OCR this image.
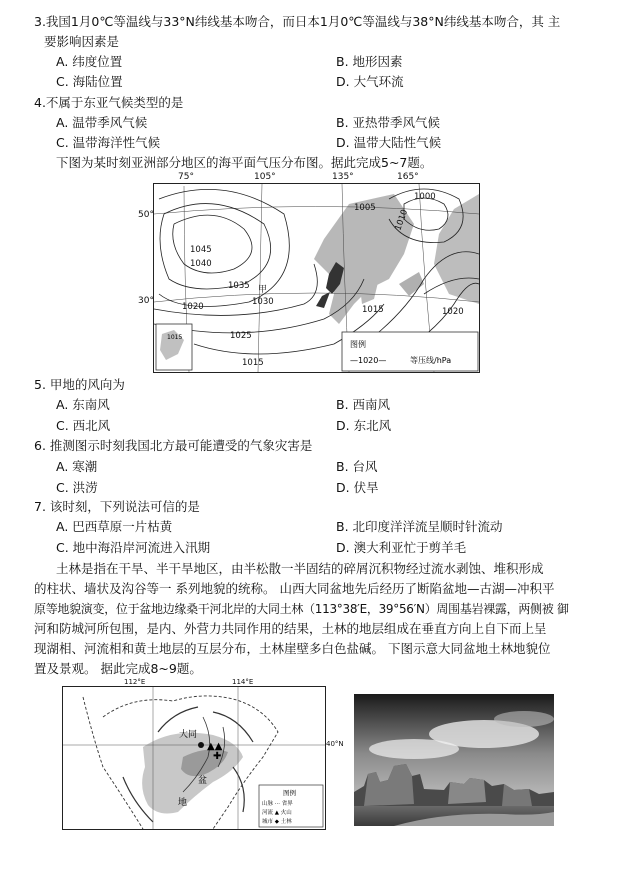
3.我国1月0℃等温线与33°N纬线基本吻合，而日本1月0℃等温线与38°N纬线基本吻合，其 主
要影响因素是
A. 纬度位置	B. 地形因素
C. 海陆位置	D. 大气环流
4.不属于东亚气候类型的是
A. 温带季风气候	B. 亚热带季风气候
C. 温带海洋性气候	D. 温带大陆性气候
下图为某时刻亚洲部分地区的海平面气压分布图。据此完成5~7题。
1000
1005
1010
1045
1040
1035
1030
1025
1020	1015
1015
1020
甲
1015
图例
—1020—	等压线/hPa
75°	105°	135°	165°
50°
30°
5. 甲地的风向为
A. 东南风	B. 西南风
C. 西北风	D. 东北风
6. 推测图示时刻我国北方最可能遭受的气象灾害是
A. 寒潮	B. 台风
C. 洪涝	D. 伏旱
7. 该时刻，下列说法可信的是
A. 巴西草原一片枯黄	B. 北印度洋洋流呈顺时针流动
C. 地中海沿岸河流进入汛期	D. 澳大利亚忙于剪羊毛
土林是指在干旱、半干旱地区，由半松散一半固结的碎屑沉积物经过流水剥蚀、堆积形成
的柱状、墙状及沟谷等一 系列地貌的统称。 山西大同盆地先后经历了断陷盆地—古湖—冲积平
原等地貌演变，位于盆地边缘桑干河北岸的大同土林（113°38′E，39°56′N）周围基岩裸露，两侧被 御
河和防城河所包围，是内、外营力共同作用的结果，土林的地层组成在垂直方向上自下而上呈
现湖相、河流相和黄土地层的互层分布，土林崖壁多白色盐碱。 下图示意大同盆地土林地貌位
置及景观。 据此完成8~9题。
▲▲
✚
大同
盆
地
图例
山脉 ··· 省界
河流 ▲ 火山
城市 ◆ 土林
112°E	114°E
40°N
